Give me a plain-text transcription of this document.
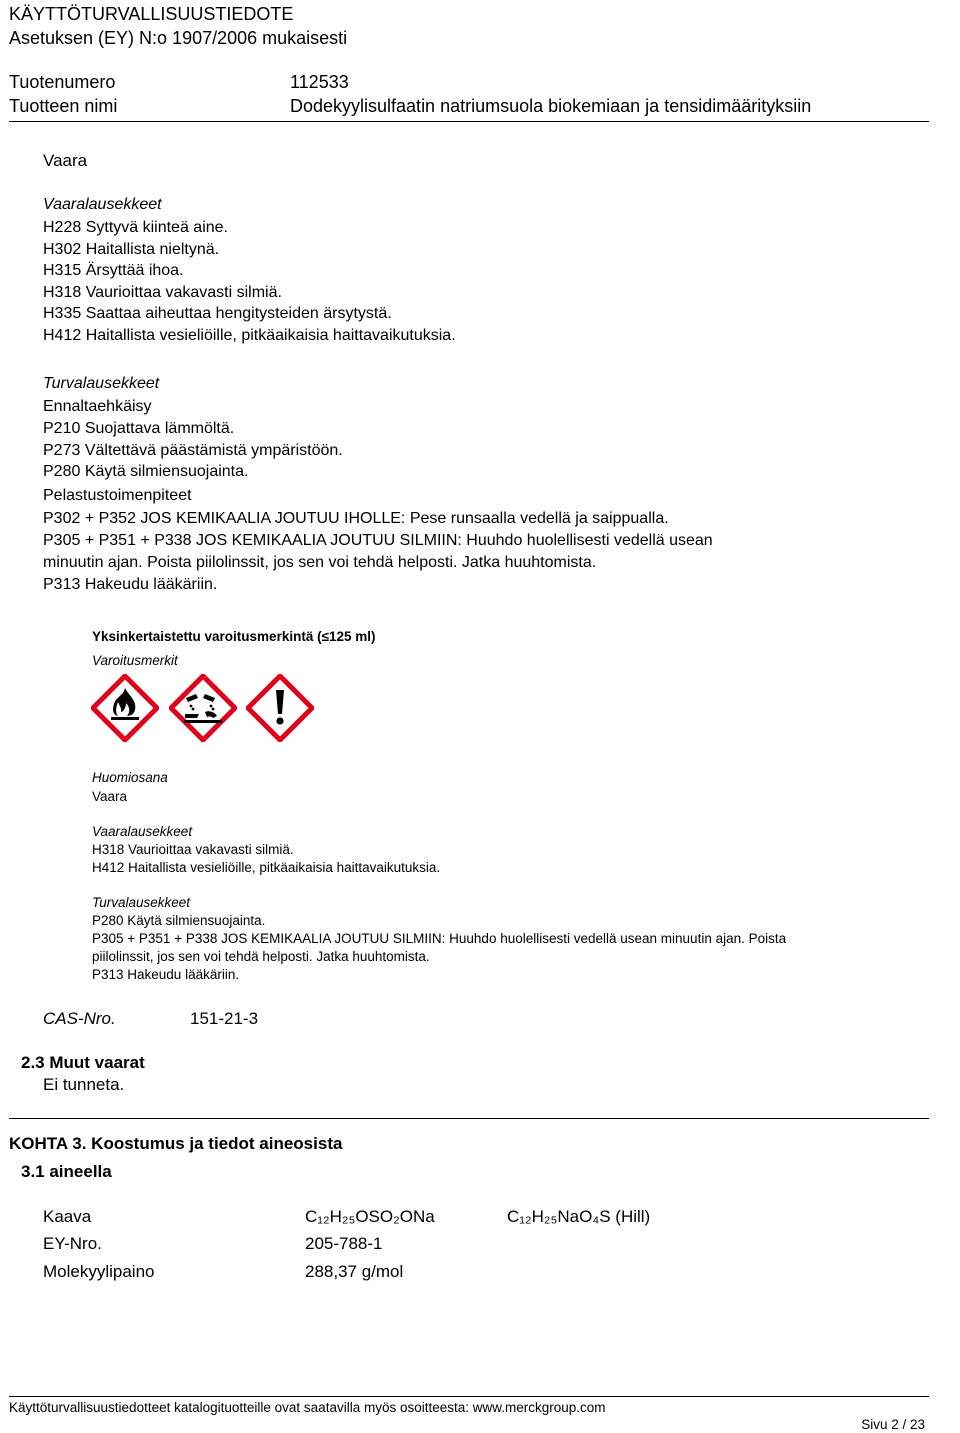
KÄYTTÖTURVALLISUUSTIEDOTE
Asetuksen (EY) N:o 1907/2006 mukaisesti
Tuotenumero	112533
Tuotteen nimi	Dodekyylisulfaatin natriumsuola biokemiaan ja tensidimäärityksiin
Vaara
Vaaralausekkeet
H228 Syttyvä kiinteä aine.
H302 Haitallista nieltynä.
H315 Ärsyttää ihoa.
H318 Vaurioittaa vakavasti silmiä.
H335 Saattaa aiheuttaa hengitysteiden ärsytystä.
H412 Haitallista vesieliöille, pitkäaikaisia haittavaikutuksia.
Turvalausekkeet
Ennaltaehkäisy
P210 Suojattava lämmöltä.
P273 Vältettävä päästämistä ympäristöön.
P280 Käytä silmiensuojainta.
Pelastustoimenpiteet
P302 + P352 JOS KEMIKAALIA JOUTUU IHOLLE: Pese runsaalla vedellä ja saippualla.
P305 + P351 + P338 JOS KEMIKAALIA JOUTUU SILMIIN: Huuhdo huolellisesti vedellä usean
minuutin ajan. Poista piilolinssit, jos sen voi tehdä helposti. Jatka huuhtomista.
P313 Hakeudu lääkäriin.
Yksinkertaistettu varoitusmerkintä (≤125 ml)
Varoitusmerkit
Huomiosana
Vaara
Vaaralausekkeet
H318 Vaurioittaa vakavasti silmiä.
H412 Haitallista vesieliöille, pitkäaikaisia haittavaikutuksia.
Turvalausekkeet
P280 Käytä silmiensuojainta.
P305 + P351 + P338 JOS KEMIKAALIA JOUTUU SILMIIN: Huuhdo huolellisesti vedellä usean minuutin ajan. Poista
piilolinssit, jos sen voi tehdä helposti. Jatka huuhtomista.
P313 Hakeudu lääkäriin.
CAS-Nro.	151-21-3
2.3 Muut vaarat
Ei tunneta.
KOHTA 3. Koostumus ja tiedot aineosista
3.1 aineella
Kaava	C₁₂H₂₅OSO₂ONa	C₁₂H₂₅NaO₄S (Hill)
EY-Nro.	205-788-1
Molekyylipaino	288,37 g/mol
Käyttöturvallisuustiedotteet katalogituotteille ovat saatavilla myös osoitteesta: www.merckgroup.com
Sivu 2 / 23
